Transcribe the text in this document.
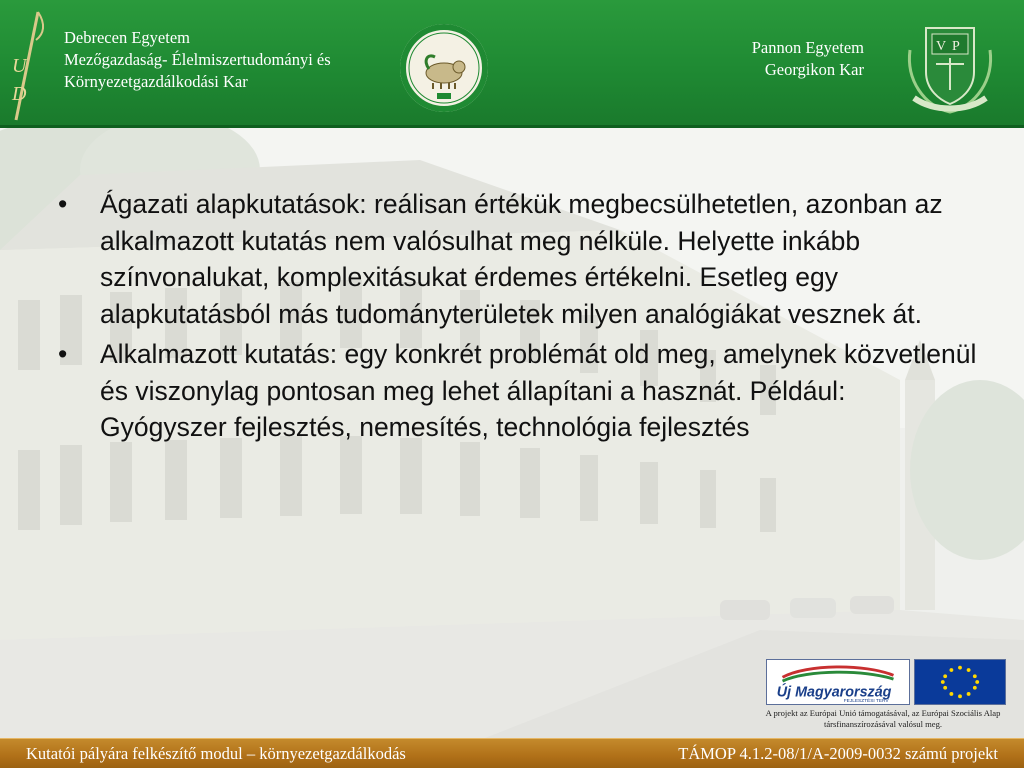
U
D
Debrecen Egyetem
Mezőgazdaság- Élelmiszertudományi és
Környezetgazdálkodási Kar
Pannon Egyetem
Georgikon Kar
V P
• Ágazati alapkutatások: reálisan értékük megbecsülhetetlen, azonban az alkalmazott kutatás nem valósulhat meg nélküle. Helyette inkább színvonalukat, komplexitásukat érdemes értékelni. Esetleg egy alapkutatásból más tudományterületek milyen analógiákat vesznek át.
• Alkalmazott kutatás: egy konkrét problémát old meg, amelynek közvetlenül és viszonylag pontosan meg lehet állapítani a hasznát. Például: Gyógyszer fejlesztés, nemesítés, technológia fejlesztés
Új Magyarország
FEJLESZTÉSI TERV
A projekt az Európai Unió támogatásával, az Európai Szociális Alap társfinanszírozásával valósul meg.
Kutatói pályára felkészítő modul – környezetgazdálkodás	TÁMOP 4.1.2-08/1/A-2009-0032 számú projekt
